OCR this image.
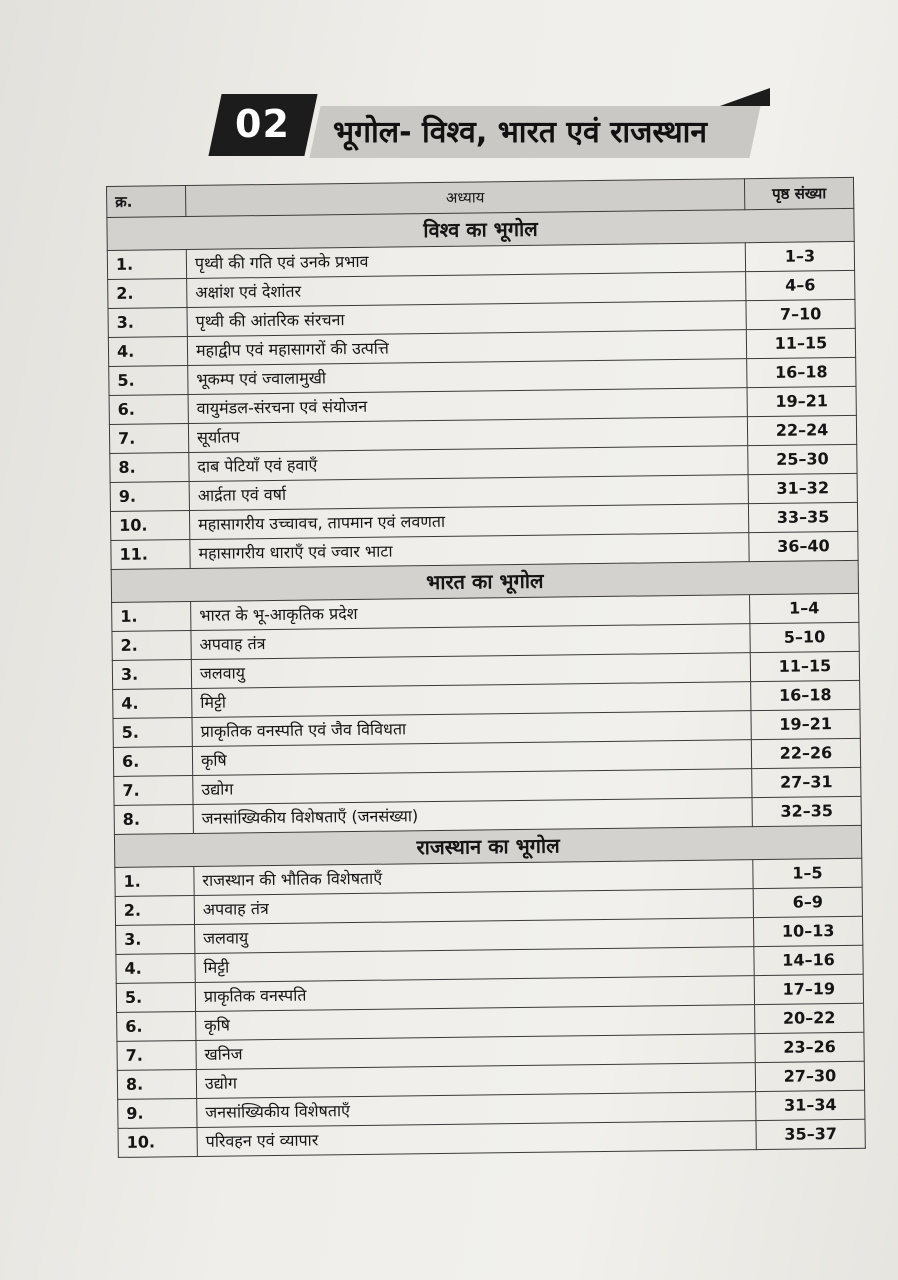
02 भूगोल- विश्व, भारत एवं राजस्थान
क्र.	अध्याय	पृष्ठ संख्या
विश्व का भूगोल		
1.	पृथ्वी की गति एवं उनके प्रभाव	1–3
2.	अक्षांश एवं देशांतर	4–6
3.	पृथ्वी की आंतरिक संरचना	7–10
4.	महाद्वीप एवं महासागरों की उत्पत्ति	11–15
5.	भूकम्प एवं ज्वालामुखी	16–18
6.	वायुमंडल-संरचना एवं संयोजन	19–21
7.	सूर्यातप	22–24
8.	दाब पेटियाँ एवं हवाएँ	25–30
9.	आर्द्रता एवं वर्षा	31–32
10.	महासागरीय उच्चावच, तापमान एवं लवणता	33–35
11.	महासागरीय धाराएँ एवं ज्वार भाटा	36–40
भारत का भूगोल		
1.	भारत के भू-आकृतिक प्रदेश	1–4
2.	अपवाह तंत्र	5–10
3.	जलवायु	11–15
4.	मिट्टी	16–18
5.	प्राकृतिक वनस्पति एवं जैव विविधता	19–21
6.	कृषि	22–26
7.	उद्योग	27–31
8.	जनसांख्यिकीय विशेषताएँ (जनसंख्या)	32–35
राजस्थान का भूगोल		
1.	राजस्थान की भौतिक विशेषताएँ	1–5
2.	अपवाह तंत्र	6–9
3.	जलवायु	10–13
4.	मिट्टी	14–16
5.	प्राकृतिक वनस्पति	17–19
6.	कृषि	20–22
7.	खनिज	23–26
8.	उद्योग	27–30
9.	जनसांख्यिकीय विशेषताएँ	31–34
10.	परिवहन एवं व्यापार	35–37
